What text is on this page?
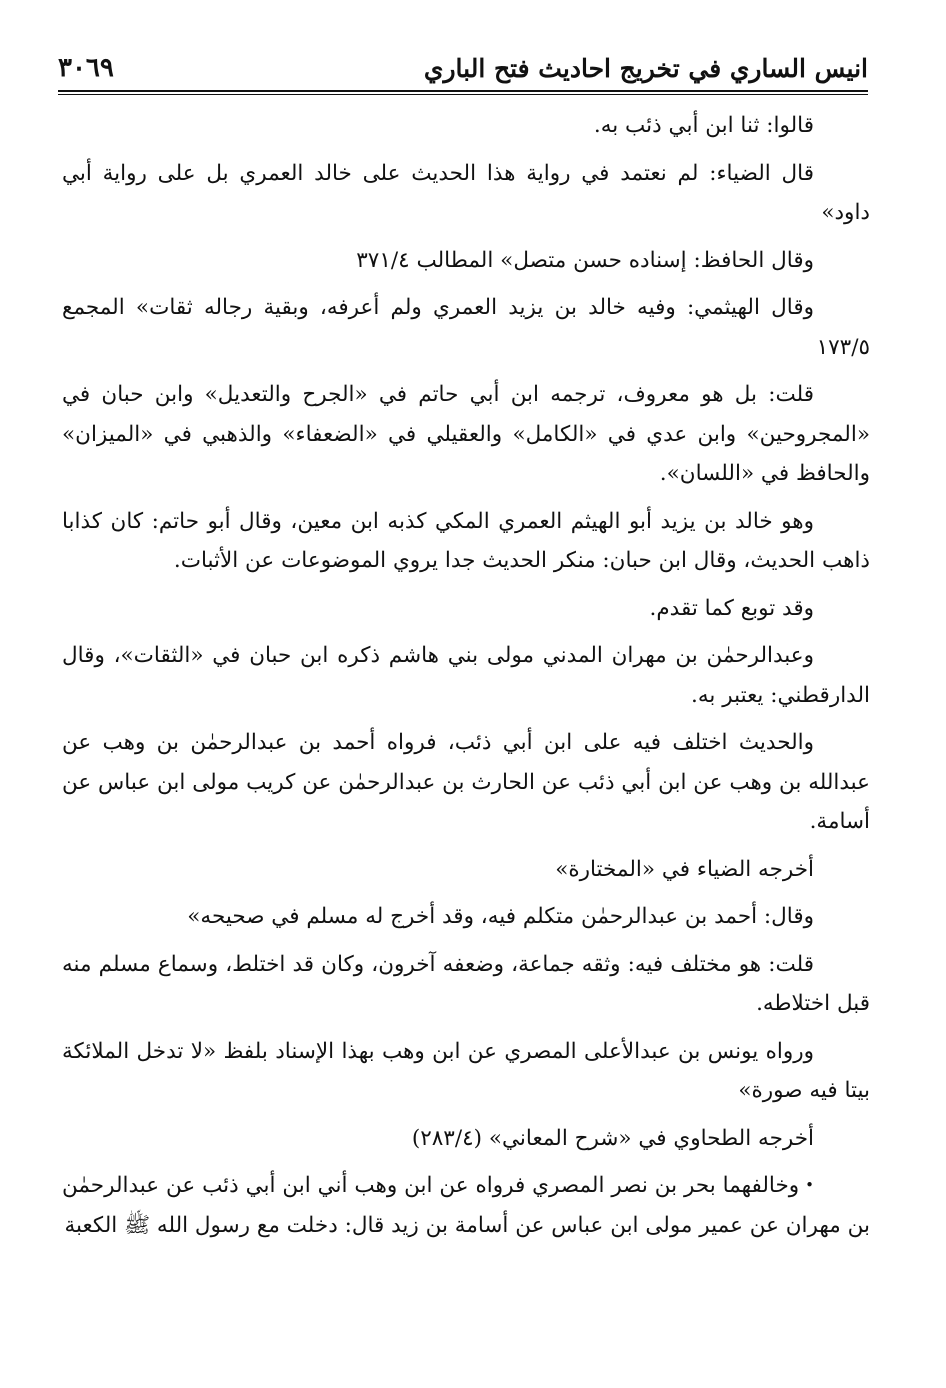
انيس الساري في تخريج احاديث فتح الباري
٣٠٦٩

قالوا: ثنا ابن أبي ذئب به.

قال الضياء: لم نعتمد في رواية هذا الحديث على خالد العمري بل على رواية أبي داود»

وقال الحافظ: إسناده حسن متصل» المطالب ٣٧١/٤

وقال الهيثمي: وفيه خالد بن يزيد العمري ولم أعرفه، وبقية رجاله ثقات» المجمع ١٧٣/٥

قلت: بل هو معروف، ترجمه ابن أبي حاتم في «الجرح والتعديل» وابن حبان في «المجروحين» وابن عدي في «الكامل» والعقيلي في «الضعفاء» والذهبي في «الميزان» والحافظ في «اللسان».

وهو خالد بن يزيد أبو الهيثم العمري المكي كذبه ابن معين، وقال أبو حاتم: كان كذابا ذاهب الحديث، وقال ابن حبان: منكر الحديث جدا يروي الموضوعات عن الأثبات.

وقد توبع كما تقدم.

وعبدالرحمٰن بن مهران المدني مولى بني هاشم ذكره ابن حبان في «الثقات»، وقال الدارقطني: يعتبر به.

والحديث اختلف فيه على ابن أبي ذئب، فرواه أحمد بن عبدالرحمٰن بن وهب عن عبدالله بن وهب عن ابن أبي ذئب عن الحارث بن عبدالرحمٰن عن كريب مولى ابن عباس عن أسامة.

أخرجه الضياء في «المختارة»

وقال: أحمد بن عبدالرحمٰن متكلم فيه، وقد أخرج له مسلم في صحيحه»

قلت: هو مختلف فيه: وثقه جماعة، وضعفه آخرون، وكان قد اختلط، وسماع مسلم منه قبل اختلاطه.

ورواه يونس بن عبدالأعلى المصري عن ابن وهب بهذا الإسناد بلفظ «لا تدخل الملائكة بيتا فيه صورة»

أخرجه الطحاوي في «شرح المعاني» (٢٨٣/٤)

•وخالفهما بحر بن نصر المصري فرواه عن ابن وهب أني ابن أبي ذئب عن عبدالرحمٰن بن مهران عن عمير مولى ابن عباس عن أسامة بن زيد قال: دخلت مع رسول الله ﷺ الكعبة
